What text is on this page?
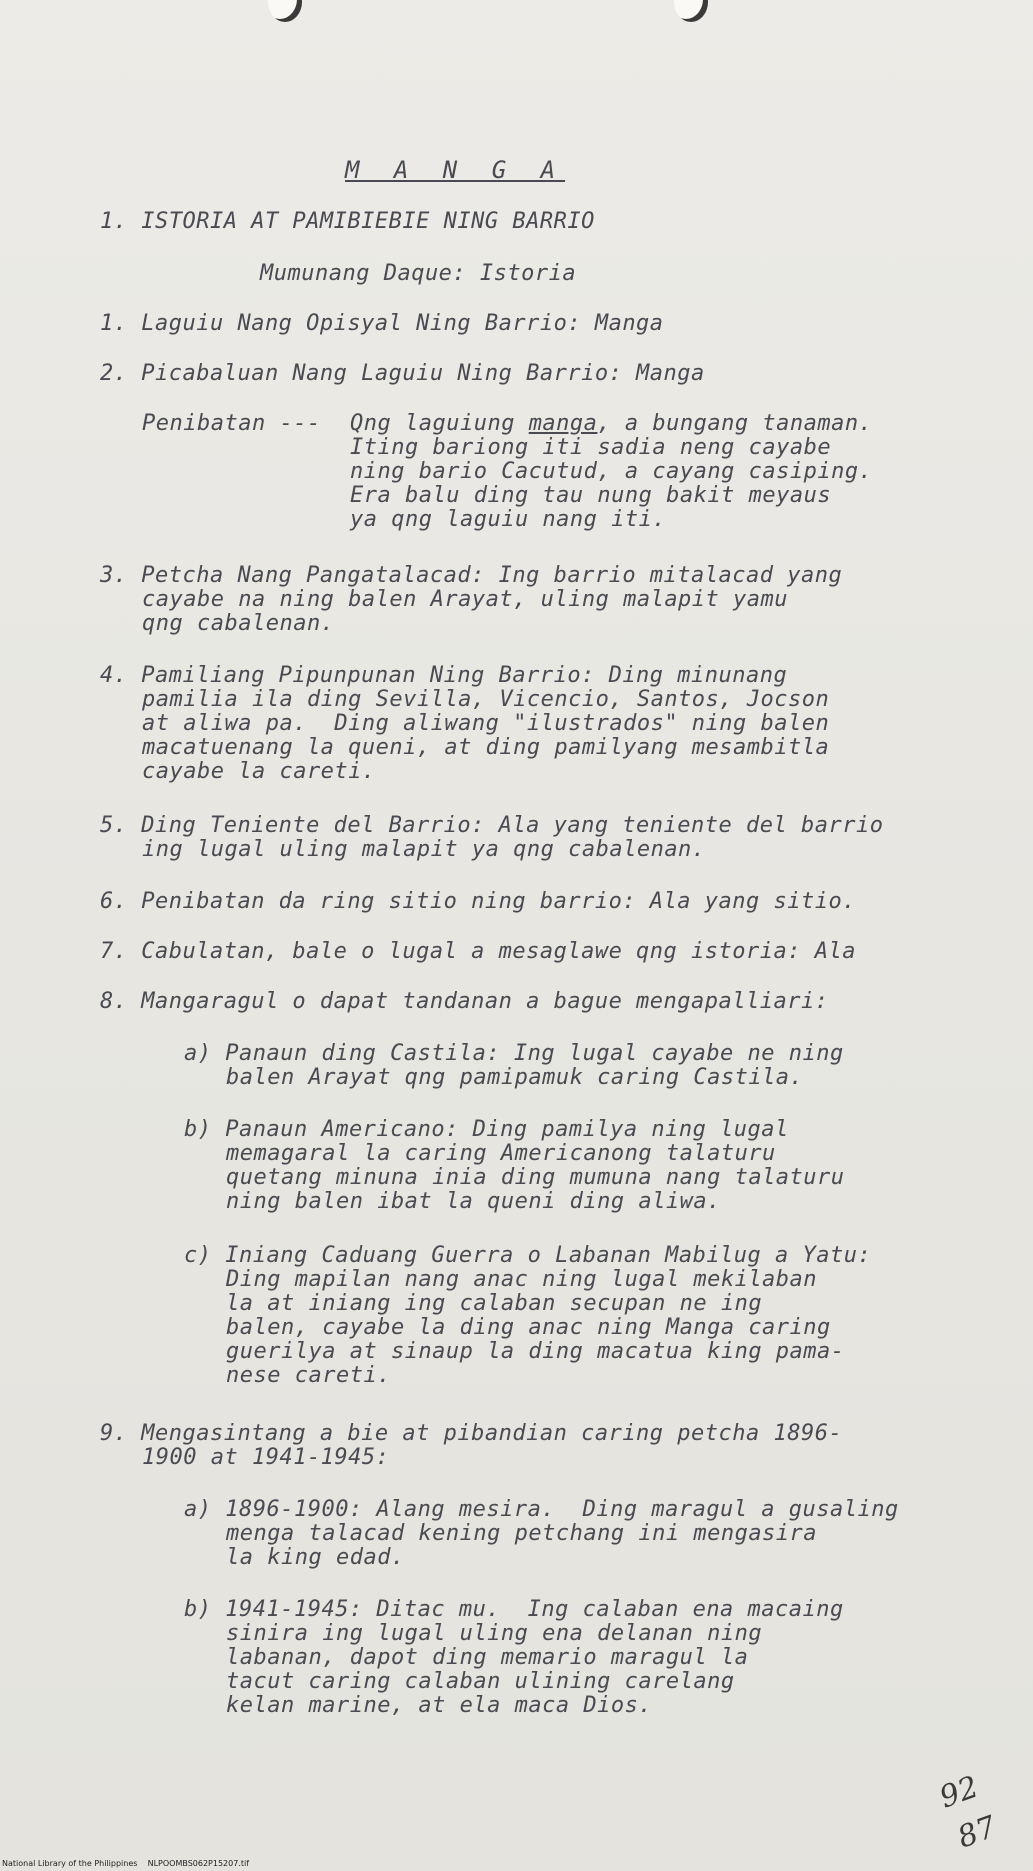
M A N G A
1. ISTORIA AT PAMIBIEBIE NING BARRIO
Mumunang Daque: Istoria
1. Laguiu Nang Opisyal Ning Barrio: Manga
2. Picabaluan Nang Laguiu Ning Barrio: Manga
Penibatan --- Qng laguiung manga, a bungang tanaman.
Iting bariong iti sadia neng cayabe
ning bario Cacutud, a cayang casiping.
Era balu ding tau nung bakit meyaus
ya qng laguiu nang iti.
3. Petcha Nang Pangatalacad: Ing barrio mitalacad yang
cayabe na ning balen Arayat, uling malapit yamu
qng cabalenan.
4. Pamiliang Pipunpunan Ning Barrio: Ding minunang
pamilia ila ding Sevilla, Vicencio, Santos, Jocson
at aliwa pa.  Ding aliwang "ilustrados" ning balen
macatuenang la queni, at ding pamilyang mesambitla
cayabe la careti.
5. Ding Teniente del Barrio: Ala yang teniente del barrio
ing lugal uling malapit ya qng cabalenan.
6. Penibatan da ring sitio ning barrio: Ala yang sitio.
7. Cabulatan, bale o lugal a mesaglawe qng istoria: Ala
8. Mangaragul o dapat tandanan a bague mengapalliari:
a) Panaun ding Castila: Ing lugal cayabe ne ning
balen Arayat qng pamipamuk caring Castila.
b) Panaun Americano: Ding pamilya ning lugal
memagaral la caring Americanong talaturu
quetang minuna inia ding mumuna nang talaturu
ning balen ibat la queni ding aliwa.
c) Iniang Caduang Guerra o Labanan Mabilug a Yatu:
Ding mapilan nang anac ning lugal mekilaban
la at iniang ing calaban secupan ne ing
balen, cayabe la ding anac ning Manga caring
guerilya at sinaup la ding macatua king pama-
nese careti.
9. Mengasintang a bie at pibandian caring petcha 1896-
1900 at 1941-1945:
a) 1896-1900: Alang mesira.  Ding maragul a gusaling
menga talacad kening petchang ini mengasira
la king edad.
b) 1941-1945: Ditac mu.  Ing calaban ena macaing
sinira ing lugal uling ena delanan ning
labanan, dapot ding memario maragul la
tacut caring calaban ulining carelang
kelan marine, at ela maca Dios.
92
87
National Library of the Philippines    NLPOOMBS062P15207.tif
